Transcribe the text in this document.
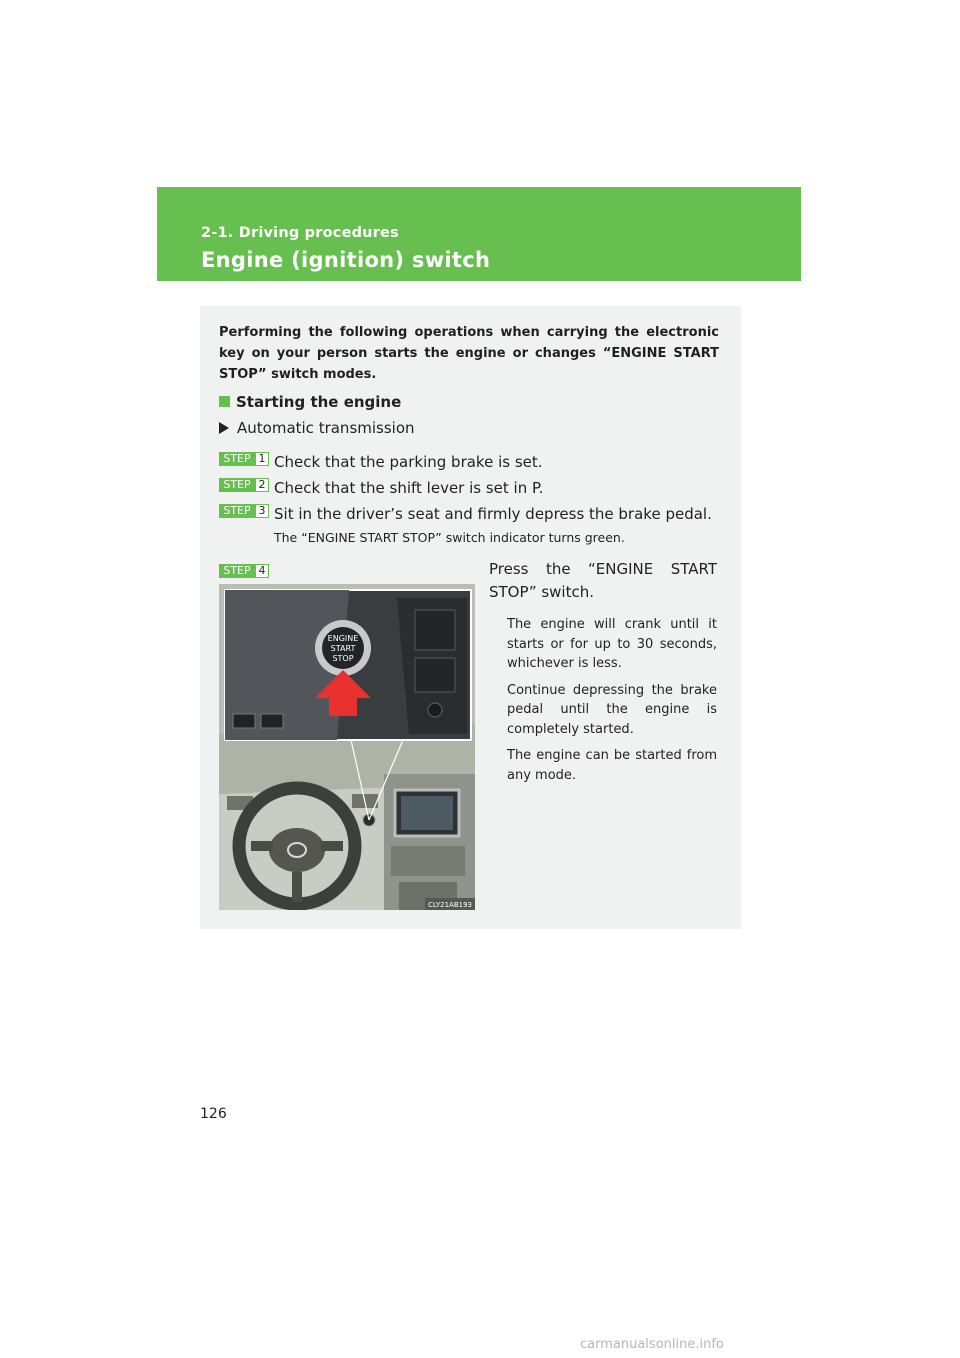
2-1. Driving procedures
Engine (ignition) switch
Performing the following operations when carrying the electronic key on your person starts the engine or changes “ENGINE START STOP” switch modes.
Starting the engine
Automatic transmission
STEP 1 Check that the parking brake is set.
STEP 2 Check that the shift lever is set in P.
STEP 3 Sit in the driver’s seat and firmly depress the brake pedal.
The “ENGINE START STOP” switch indicator turns green.
STEP 4
ENGINE
START
STOP
CLY21AB193
Press the “ENGINE START STOP” switch.

The engine will crank until it starts or for up to 30 seconds, whichever is less.

Continue depressing the brake pedal until the engine is completely started.

The engine can be started from any mode.

126
carmanualsonline.info
